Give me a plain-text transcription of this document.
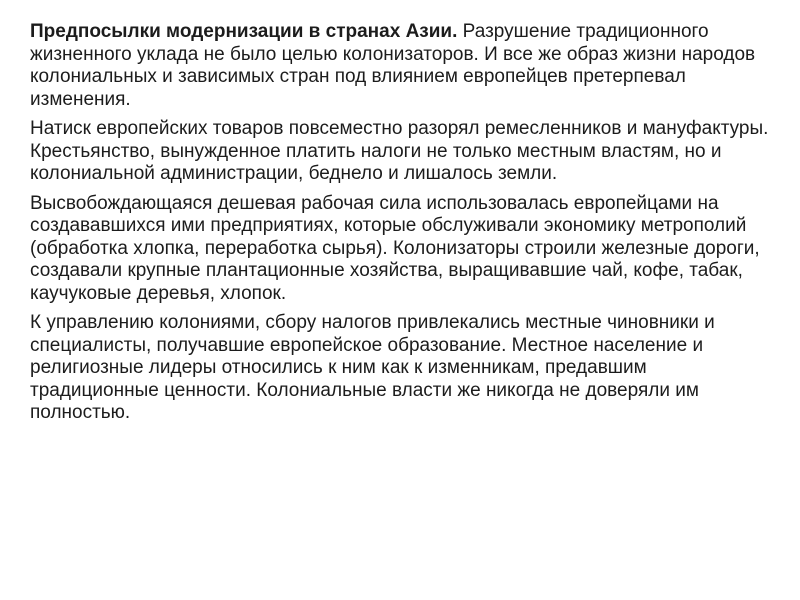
Предпосылки модернизации в странах Азии. Разрушение традиционного жизненного уклада не было целью колонизаторов. И все же образ жизни народов колониальных и зависимых стран под влиянием европейцев претерпевал изменения.

Натиск европейских товаров повсеместно разорял ремесленников и мануфактуры. Крестьянство, вынужденное платить налоги не только местным властям, но и колониальной администрации, беднело и лишалось земли.

Высвобождающаяся дешевая рабочая сила использовалась европейцами на создававшихся ими предприятиях, которые обслуживали экономику метрополий (обработка хлопка, переработка сырья). Колонизаторы строили железные дороги, создавали крупные плантационные хозяйства, выращивавшие чай, кофе, табак, каучуковые деревья, хлопок.

К управлению колониями, сбору налогов привлекались местные чиновники и специалисты, получавшие европейское образование. Местное население и религиозные лидеры относились к ним как к изменникам, предавшим традиционные ценности. Колониальные власти же никогда не доверяли им полностью.
